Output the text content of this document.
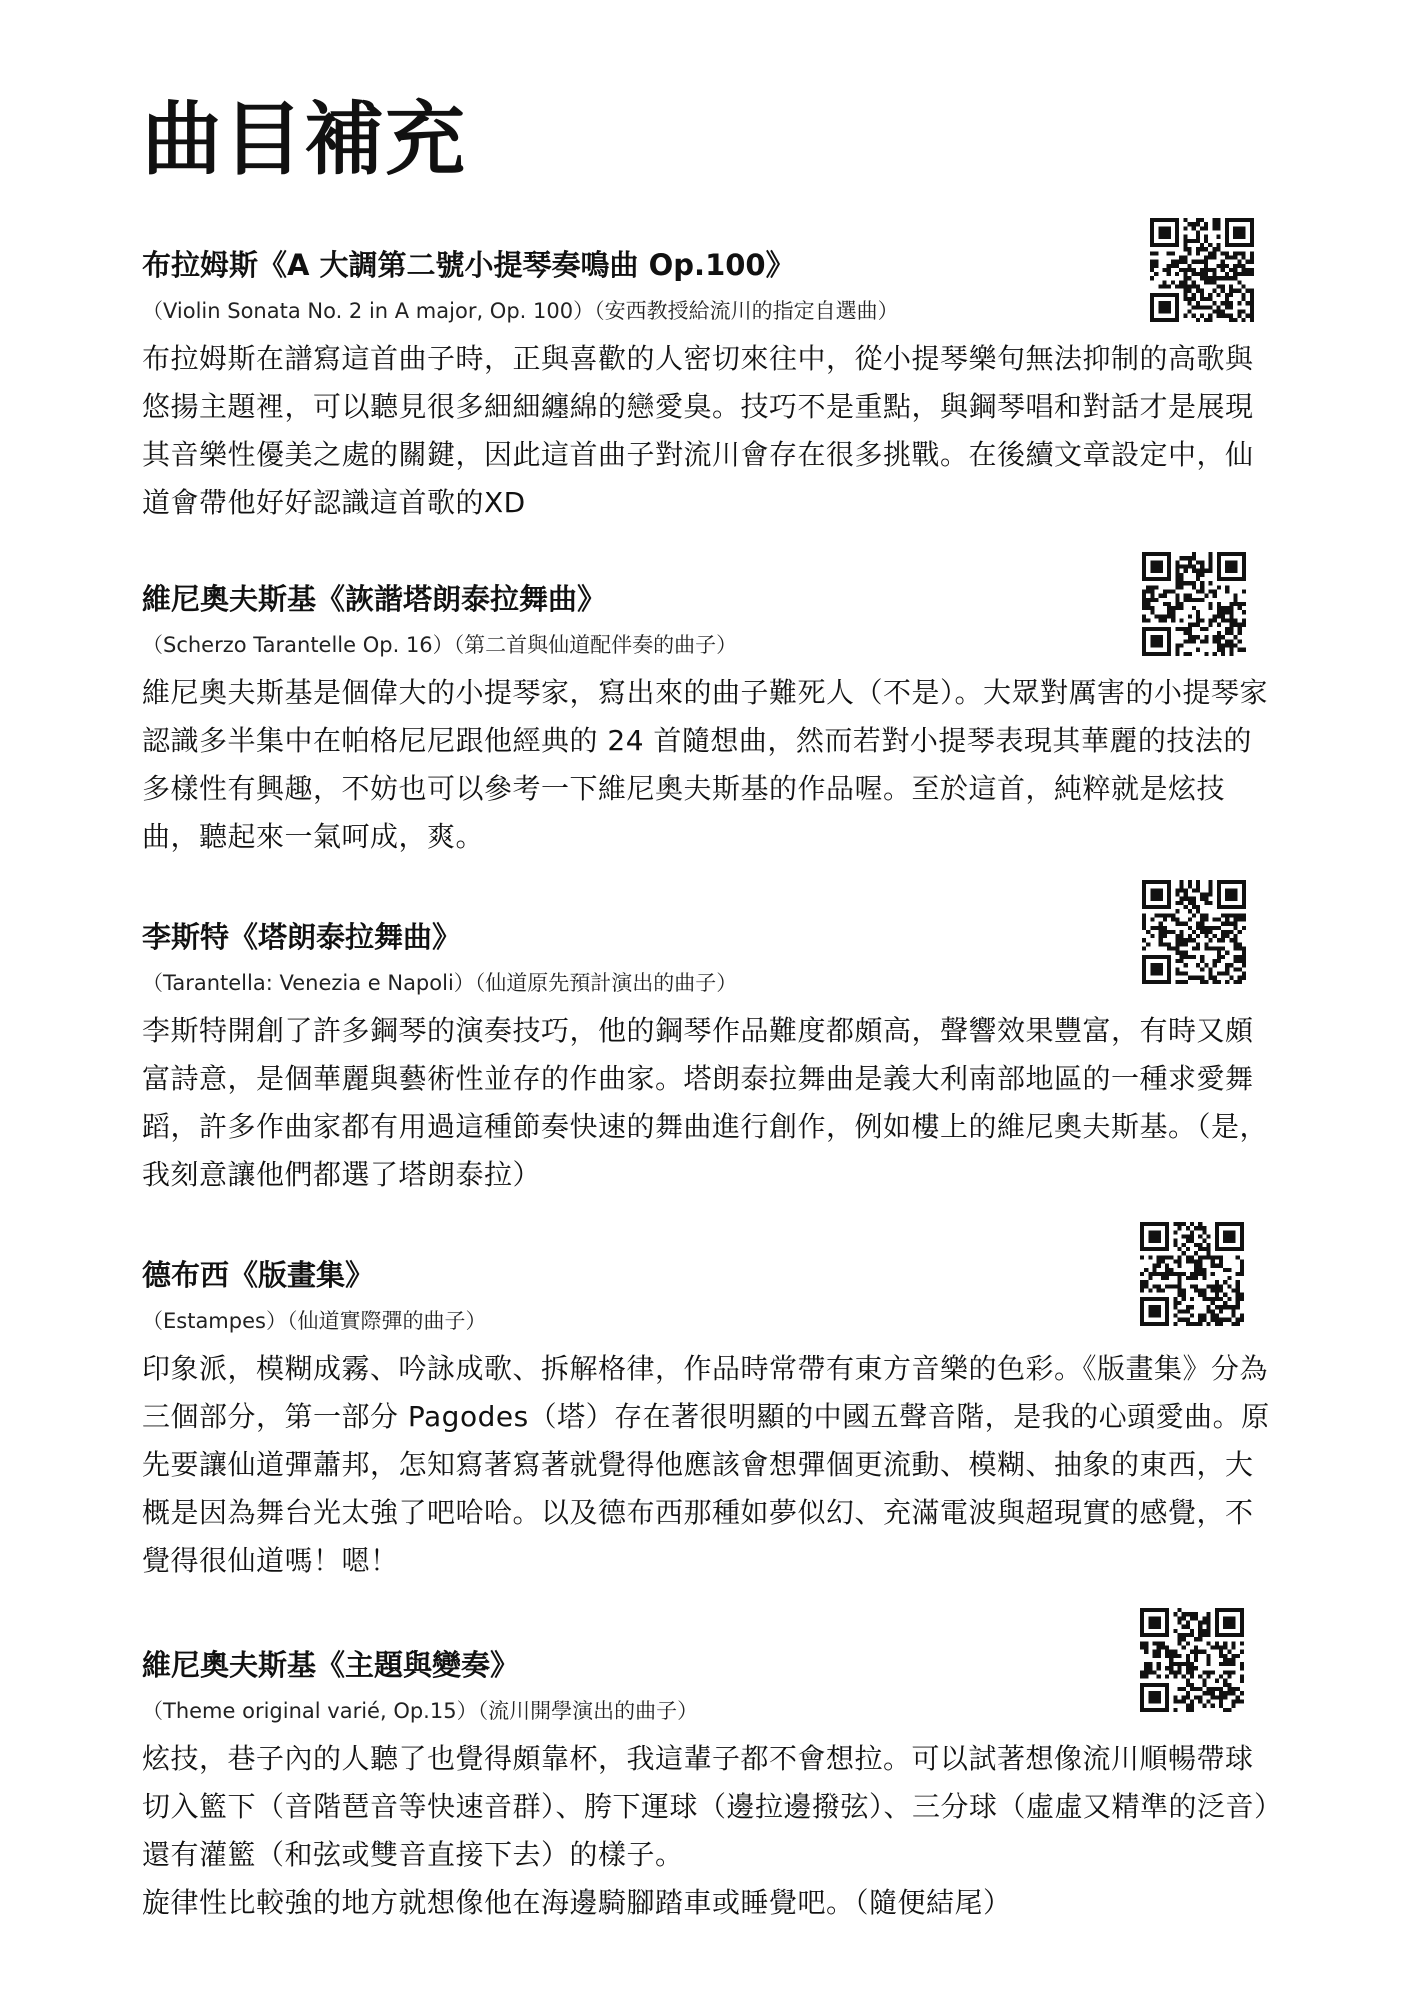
曲目補充
布拉姆斯《A 大調第二號小提琴奏鳴曲 Op.100》
（Violin Sonata No. 2 in A major, Op. 100）（安西教授給流川的指定自選曲）
布拉姆斯在譜寫這首曲子時，正與喜歡的人密切來往中，從小提琴樂句無法抑制的高歌與悠揚主題裡，可以聽見很多細細纏綿的戀愛臭。技巧不是重點，與鋼琴唱和對話才是展現其音樂性優美之處的關鍵，因此這首曲子對流川會存在很多挑戰。在後續文章設定中，仙道會帶他好好認識這首歌的XD
維尼奧夫斯基《詼諧塔朗泰拉舞曲》
（Scherzo Tarantelle Op. 16）（第二首與仙道配伴奏的曲子）
維尼奧夫斯基是個偉大的小提琴家，寫出來的曲子難死人（不是）。大眾對厲害的小提琴家認識多半集中在帕格尼尼跟他經典的 24 首隨想曲，然而若對小提琴表現其華麗的技法的多樣性有興趣，不妨也可以參考一下維尼奧夫斯基的作品喔。至於這首，純粹就是炫技曲，聽起來一氣呵成，爽。
李斯特《塔朗泰拉舞曲》
（Tarantella: Venezia e Napoli）（仙道原先預計演出的曲子）
李斯特開創了許多鋼琴的演奏技巧，他的鋼琴作品難度都頗高，聲響效果豐富，有時又頗富詩意，是個華麗與藝術性並存的作曲家。塔朗泰拉舞曲是義大利南部地區的一種求愛舞蹈，許多作曲家都有用過這種節奏快速的舞曲進行創作，例如樓上的維尼奧夫斯基。（是，我刻意讓他們都選了塔朗泰拉）
德布西《版畫集》
（Estampes）（仙道實際彈的曲子）
印象派，模糊成霧、吟詠成歌、拆解格律，作品時常帶有東方音樂的色彩。《版畫集》分為三個部分，第一部分 Pagodes（塔）存在著很明顯的中國五聲音階，是我的心頭愛曲。原先要讓仙道彈蕭邦，怎知寫著寫著就覺得他應該會想彈個更流動、模糊、抽象的東西，大概是因為舞台光太強了吧哈哈。以及德布西那種如夢似幻、充滿電波與超現實的感覺，不覺得很仙道嗎！嗯！
維尼奧夫斯基《主題與變奏》
（Theme original varié, Op.15）（流川開學演出的曲子）
炫技，巷子內的人聽了也覺得頗靠杯，我這輩子都不會想拉。可以試著想像流川順暢帶球切入籃下（音階琶音等快速音群）、胯下運球（邊拉邊撥弦）、三分球（虛虛又精準的泛音）還有灌籃（和弦或雙音直接下去）的樣子。
旋律性比較強的地方就想像他在海邊騎腳踏車或睡覺吧。（隨便結尾）
